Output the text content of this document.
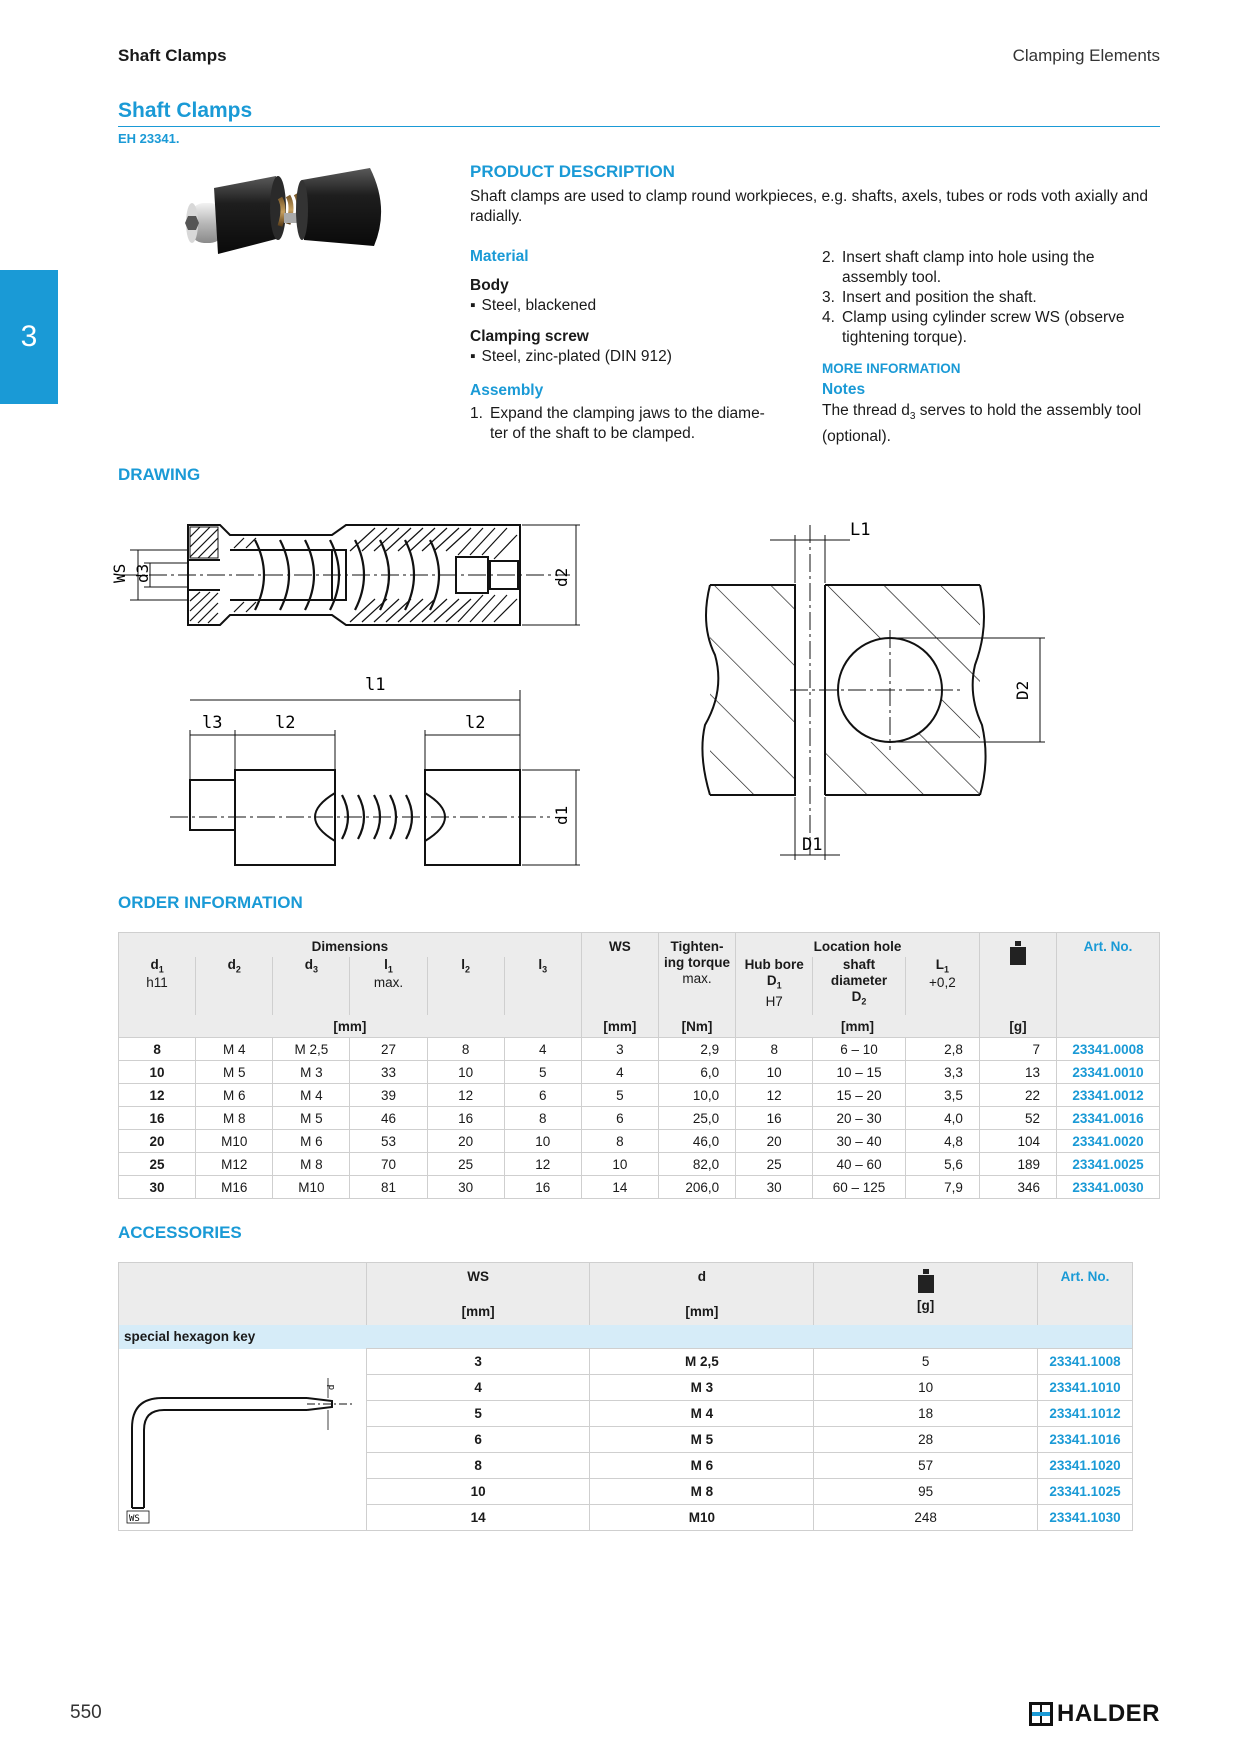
Shaft Clamps	Clamping Elements
Shaft Clamps
EH 23341.
3
PRODUCT DESCRIPTION
Shaft clamps are used to clamp round workpieces, e.g. shafts, axels, tubes or rods voth axially and radially.
Material
Body
▪ Steel, blackened
Clamping screw
▪ Steel, zinc-plated (DIN 912)
Assembly
1. Expand the clamping jaws to the diame-
ter of the shaft to be clamped.
2. Insert shaft clamp into hole using the
assembly tool.
3. Insert and position the shaft.
4. Clamp using cylinder screw WS (observe
tightening torque).
MORE INFORMATION
Notes
The thread $d_3$ serves to hold the assembly tool (optional).
DRAWING
WS d3	d2
l1
l3	l2	l2
d1
L1
D2
D1
ORDER INFORMATION
Dimensions						WS	Tighten-
ing torque
max.	Location hole				Art. No.
$d_1$
h11	$d_2$	$d_3$	$l_1$
max.	$l_2$	$l_3$			Hub bore
$D_1$
H7	shaft diameter
$D_2$	$L_1$
+0,2		
[mm]						[mm]	[Nm]	[mm]			[g]	
8	M 4	M 2,5	27	8	4	3	2,9	8	6 – 10	2,8	7	23341.0008
10	M 5	M 3	33	10	5	4	6,0	10	10 – 15	3,3	13	23341.0010
12	M 6	M 4	39	12	6	5	10,0	12	15 – 20	3,5	22	23341.0012
16	M 8	M 5	46	16	8	6	25,0	16	20 – 30	4,0	52	23341.0016
20	M10	M 6	53	20	10	8	46,0	20	30 – 40	4,8	104	23341.0020
25	M12	M 8	70	25	12	10	82,0	25	40 – 60	5,6	189	23341.0025
30	M16	M10	81	30	16	14	206,0	30	60 – 125	7,9	346	23341.0030
ACCESSORIES
	WS
[mm]	d
[mm]	[g]	Art. No.
special hexagon key				
	3	M 2,5	5	23341.1008
	4	M 3	10	23341.1010
	5	M 4	18	23341.1012
	6	M 5	28	23341.1016
	8	M 6	57	23341.1020
	10	M 8	95	23341.1025
	14	M10	248	23341.1030
d
WS
550	HALDER
